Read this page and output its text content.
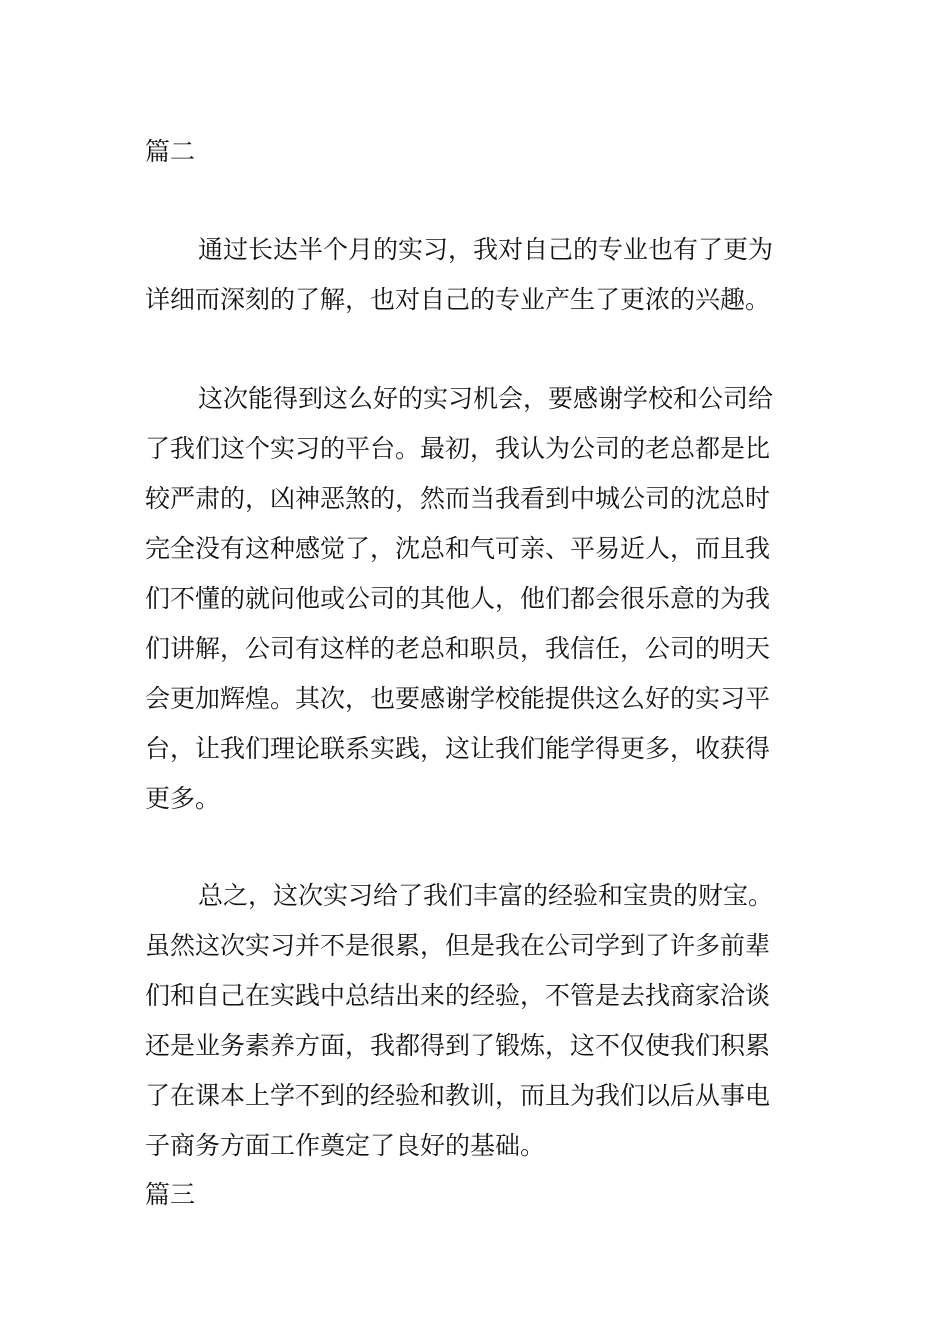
篇二
通过长达半个月的实习，我对自己的专业也有了更为
详细而深刻的了解，也对自己的专业产生了更浓的兴趣。
这次能得到这么好的实习机会，要感谢学校和公司给
了我们这个实习的平台。最初，我认为公司的老总都是比
较严肃的，凶神恶煞的，然而当我看到中城公司的沈总时
完全没有这种感觉了，沈总和气可亲、平易近人，而且我
们不懂的就问他或公司的其他人，他们都会很乐意的为我
们讲解，公司有这样的老总和职员，我信任，公司的明天
会更加辉煌。其次，也要感谢学校能提供这么好的实习平
台，让我们理论联系实践，这让我们能学得更多，收获得
更多。
总之，这次实习给了我们丰富的经验和宝贵的财宝。
虽然这次实习并不是很累，但是我在公司学到了许多前辈
们和自己在实践中总结出来的经验，不管是去找商家洽谈
还是业务素养方面，我都得到了锻炼，这不仅使我们积累
了在课本上学不到的经验和教训，而且为我们以后从事电
子商务方面工作奠定了良好的基础。
篇三
